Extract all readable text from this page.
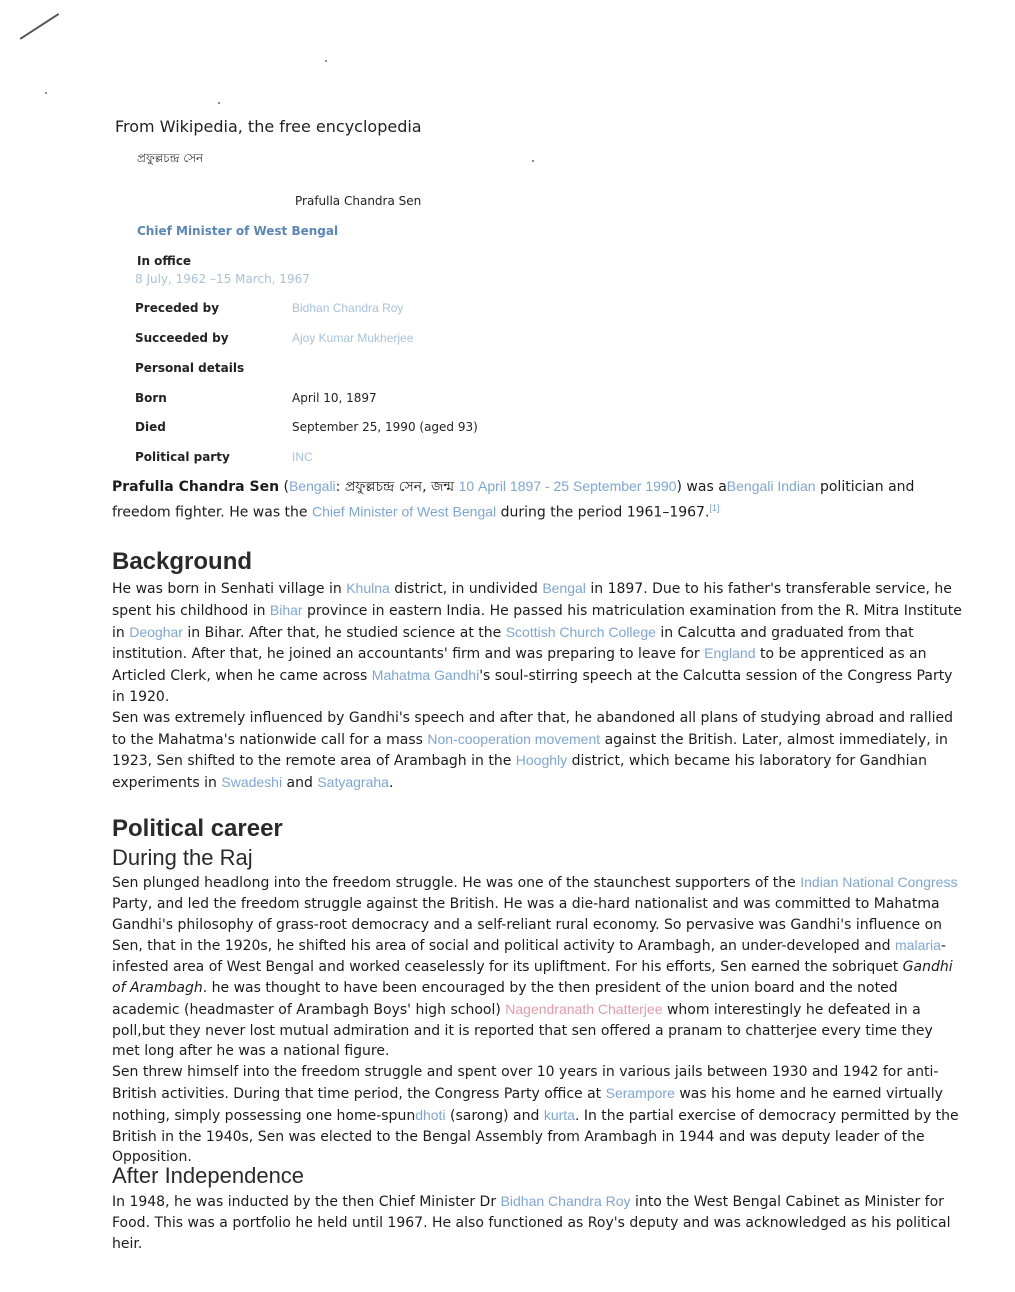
From Wikipedia, the free encyclopedia
প্রফুল্লচন্দ্র সেন
Prafulla Chandra Sen
Chief Minister of West Bengal
In office
8 July, 1962 –15 March, 1967
Preceded by	Bidhan Chandra Roy
Succeeded by	Ajoy Kumar Mukherjee
Personal details
Born	April 10, 1897
Died	September 25, 1990 (aged 93)
Political party	INC

Prafulla Chandra Sen (Bengali: প্রফুল্লচন্দ্র সেন, জন্ম 10 April 1897 - 25 September 1990) was aBengali Indian politician and freedom fighter. He was the Chief Minister of West Bengal during the period 1961–1967.[1]

Background

He was born in Senhati village in Khulna district, in undivided Bengal in 1897. Due to his father's transferable service, he spent his childhood in Bihar province in eastern India. He passed his matriculation examination from the R. Mitra Institute in Deoghar in Bihar. After that, he studied science at the Scottish Church College in Calcutta and graduated from that institution. After that, he joined an accountants' firm and was preparing to leave for England to be apprenticed as an Articled Clerk, when he came across Mahatma Gandhi's soul-stirring speech at the Calcutta session of the Congress Party in 1920.

Sen was extremely influenced by Gandhi's speech and after that, he abandoned all plans of studying abroad and rallied to the Mahatma's nationwide call for a mass Non-cooperation movement against the British. Later, almost immediately, in 1923, Sen shifted to the remote area of Arambagh in the Hooghly district, which became his laboratory for Gandhian experiments in Swadeshi and Satyagraha.

Political career
During the Raj

Sen plunged headlong into the freedom struggle. He was one of the staunchest supporters of the Indian National Congress Party, and led the freedom struggle against the British. He was a die-hard nationalist and was committed to Mahatma Gandhi's philosophy of grass-root democracy and a self-reliant rural economy. So pervasive was Gandhi's influence on Sen, that in the 1920s, he shifted his area of social and political activity to Arambagh, an under-developed and malaria-infested area of West Bengal and worked ceaselessly for its upliftment. For his efforts, Sen earned the sobriquet Gandhi of Arambagh. he was thought to have been encouraged by the then president of the union board and the noted academic (headmaster of Arambagh Boys' high school) Nagendranath Chatterjee whom interestingly he defeated in a poll,but they never lost mutual admiration and it is reported that sen offered a pranam to chatterjee every time they met long after he was a national figure.

Sen threw himself into the freedom struggle and spent over 10 years in various jails between 1930 and 1942 for anti-British activities. During that time period, the Congress Party office at Serampore was his home and he earned virtually nothing, simply possessing one home-spundhoti (sarong) and kurta. In the partial exercise of democracy permitted by the British in the 1940s, Sen was elected to the Bengal Assembly from Arambagh in 1944 and was deputy leader of the Opposition.

After Independence

In 1948, he was inducted by the then Chief Minister Dr Bidhan Chandra Roy into the West Bengal Cabinet as Minister for Food. This was a portfolio he held until 1967. He also functioned as Roy's deputy and was acknowledged as his political heir.
